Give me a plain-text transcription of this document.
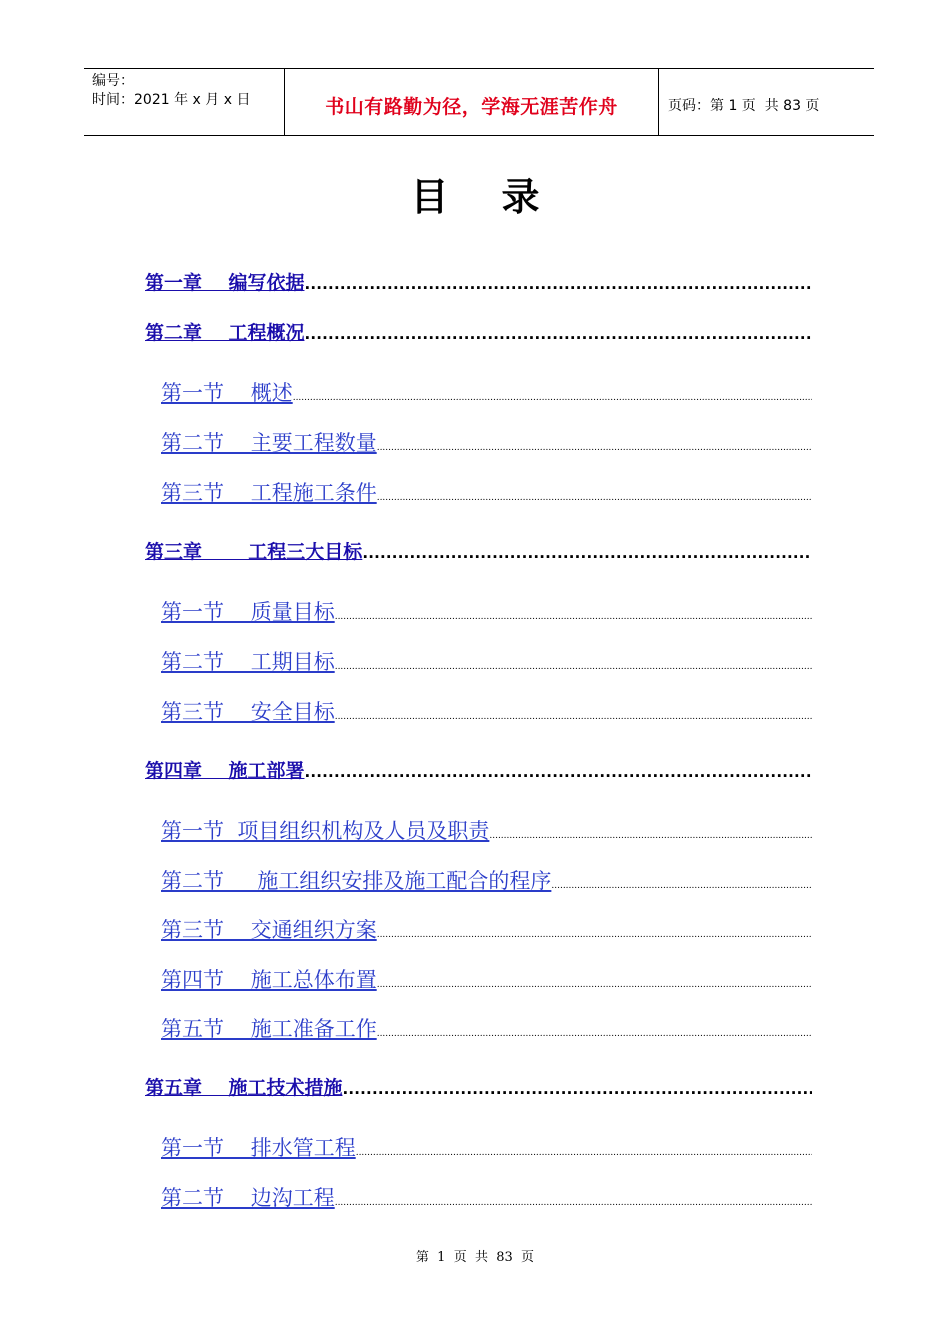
编号：
时间：2021 年 x 月 x 日	书山有路勤为径，学海无涯苦作舟	页码：第 1 页  共 83 页
目    录
第一章    编写依据
.....
第二章    工程概况
.....
第一节    概述
.....
第二节    主要工程数量
.....
第三节    工程施工条件
.....
第三章       工程三大目标
.....
第一节    质量目标
.....
第二节    工期目标
.....
第三节    安全目标
.....
第四章    施工部署
.....
第一节  项目组织机构及人员及职责
.....
第二节     施工组织安排及施工配合的程序
.....
第三节    交通组织方案
.....
第四节    施工总体布置
.....
第五节    施工准备工作
.....
第五章    施工技术措施
.....
第一节    排水管工程
.....
第二节    边沟工程
.....
第  1  页  共  83  页
